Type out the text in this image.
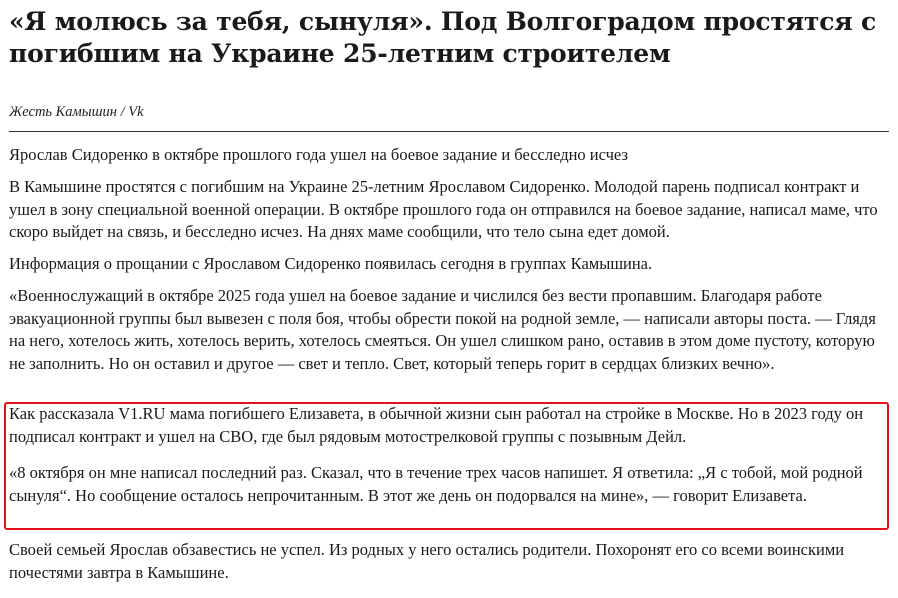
«Я молюсь за тебя, сынуля». Под Волгоградом простятся с погибшим на Украине 25-летним строителем
Жесть Камышин / Vk

Ярослав Сидоренко в октябре прошлого года ушел на боевое задание и бесследно исчез

В Камышине простятся с погибшим на Украине 25-летним Ярославом Сидоренко. Молодой парень подписал контракт и ушел в зону специальной военной операции. В октябре прошлого года он отправился на боевое задание, написал маме, что скоро выйдет на связь, и бесследно исчез. На днях маме сообщили, что тело сына едет домой.

Информация о прощании с Ярославом Сидоренко появилась сегодня в группах Камышина.

«Военнослужащий в октябре 2025 года ушел на боевое задание и числился без вести пропавшим. Благодаря работе эвакуационной группы был вывезен с поля боя, чтобы обрести покой на родной земле, — написали авторы поста. — Глядя на него, хотелось жить, хотелось верить, хотелось смеяться. Он ушел слишком рано, оставив в этом доме пустоту, которую не заполнить. Но он оставил и другое — свет и тепло. Свет, который теперь горит в сердцах близких вечно».

Как рассказала V1.RU мама погибшего Елизавета, в обычной жизни сын работал на стройке в Москве. Но в 2023 году он подписал контракт и ушел на СВО, где был рядовым мотострелковой группы с позывным Дейл.

«8 октября он мне написал последний раз. Сказал, что в течение трех часов напишет. Я ответила: „Я с тобой, мой родной сынуля“. Но сообщение осталось непрочитанным. В этот же день он подорвался на мине», — говорит Елизавета.

Своей семьей Ярослав обзавестись не успел. Из родных у него остались родители. Похоронят его со всеми воинскими почестями завтра в Камышине.
